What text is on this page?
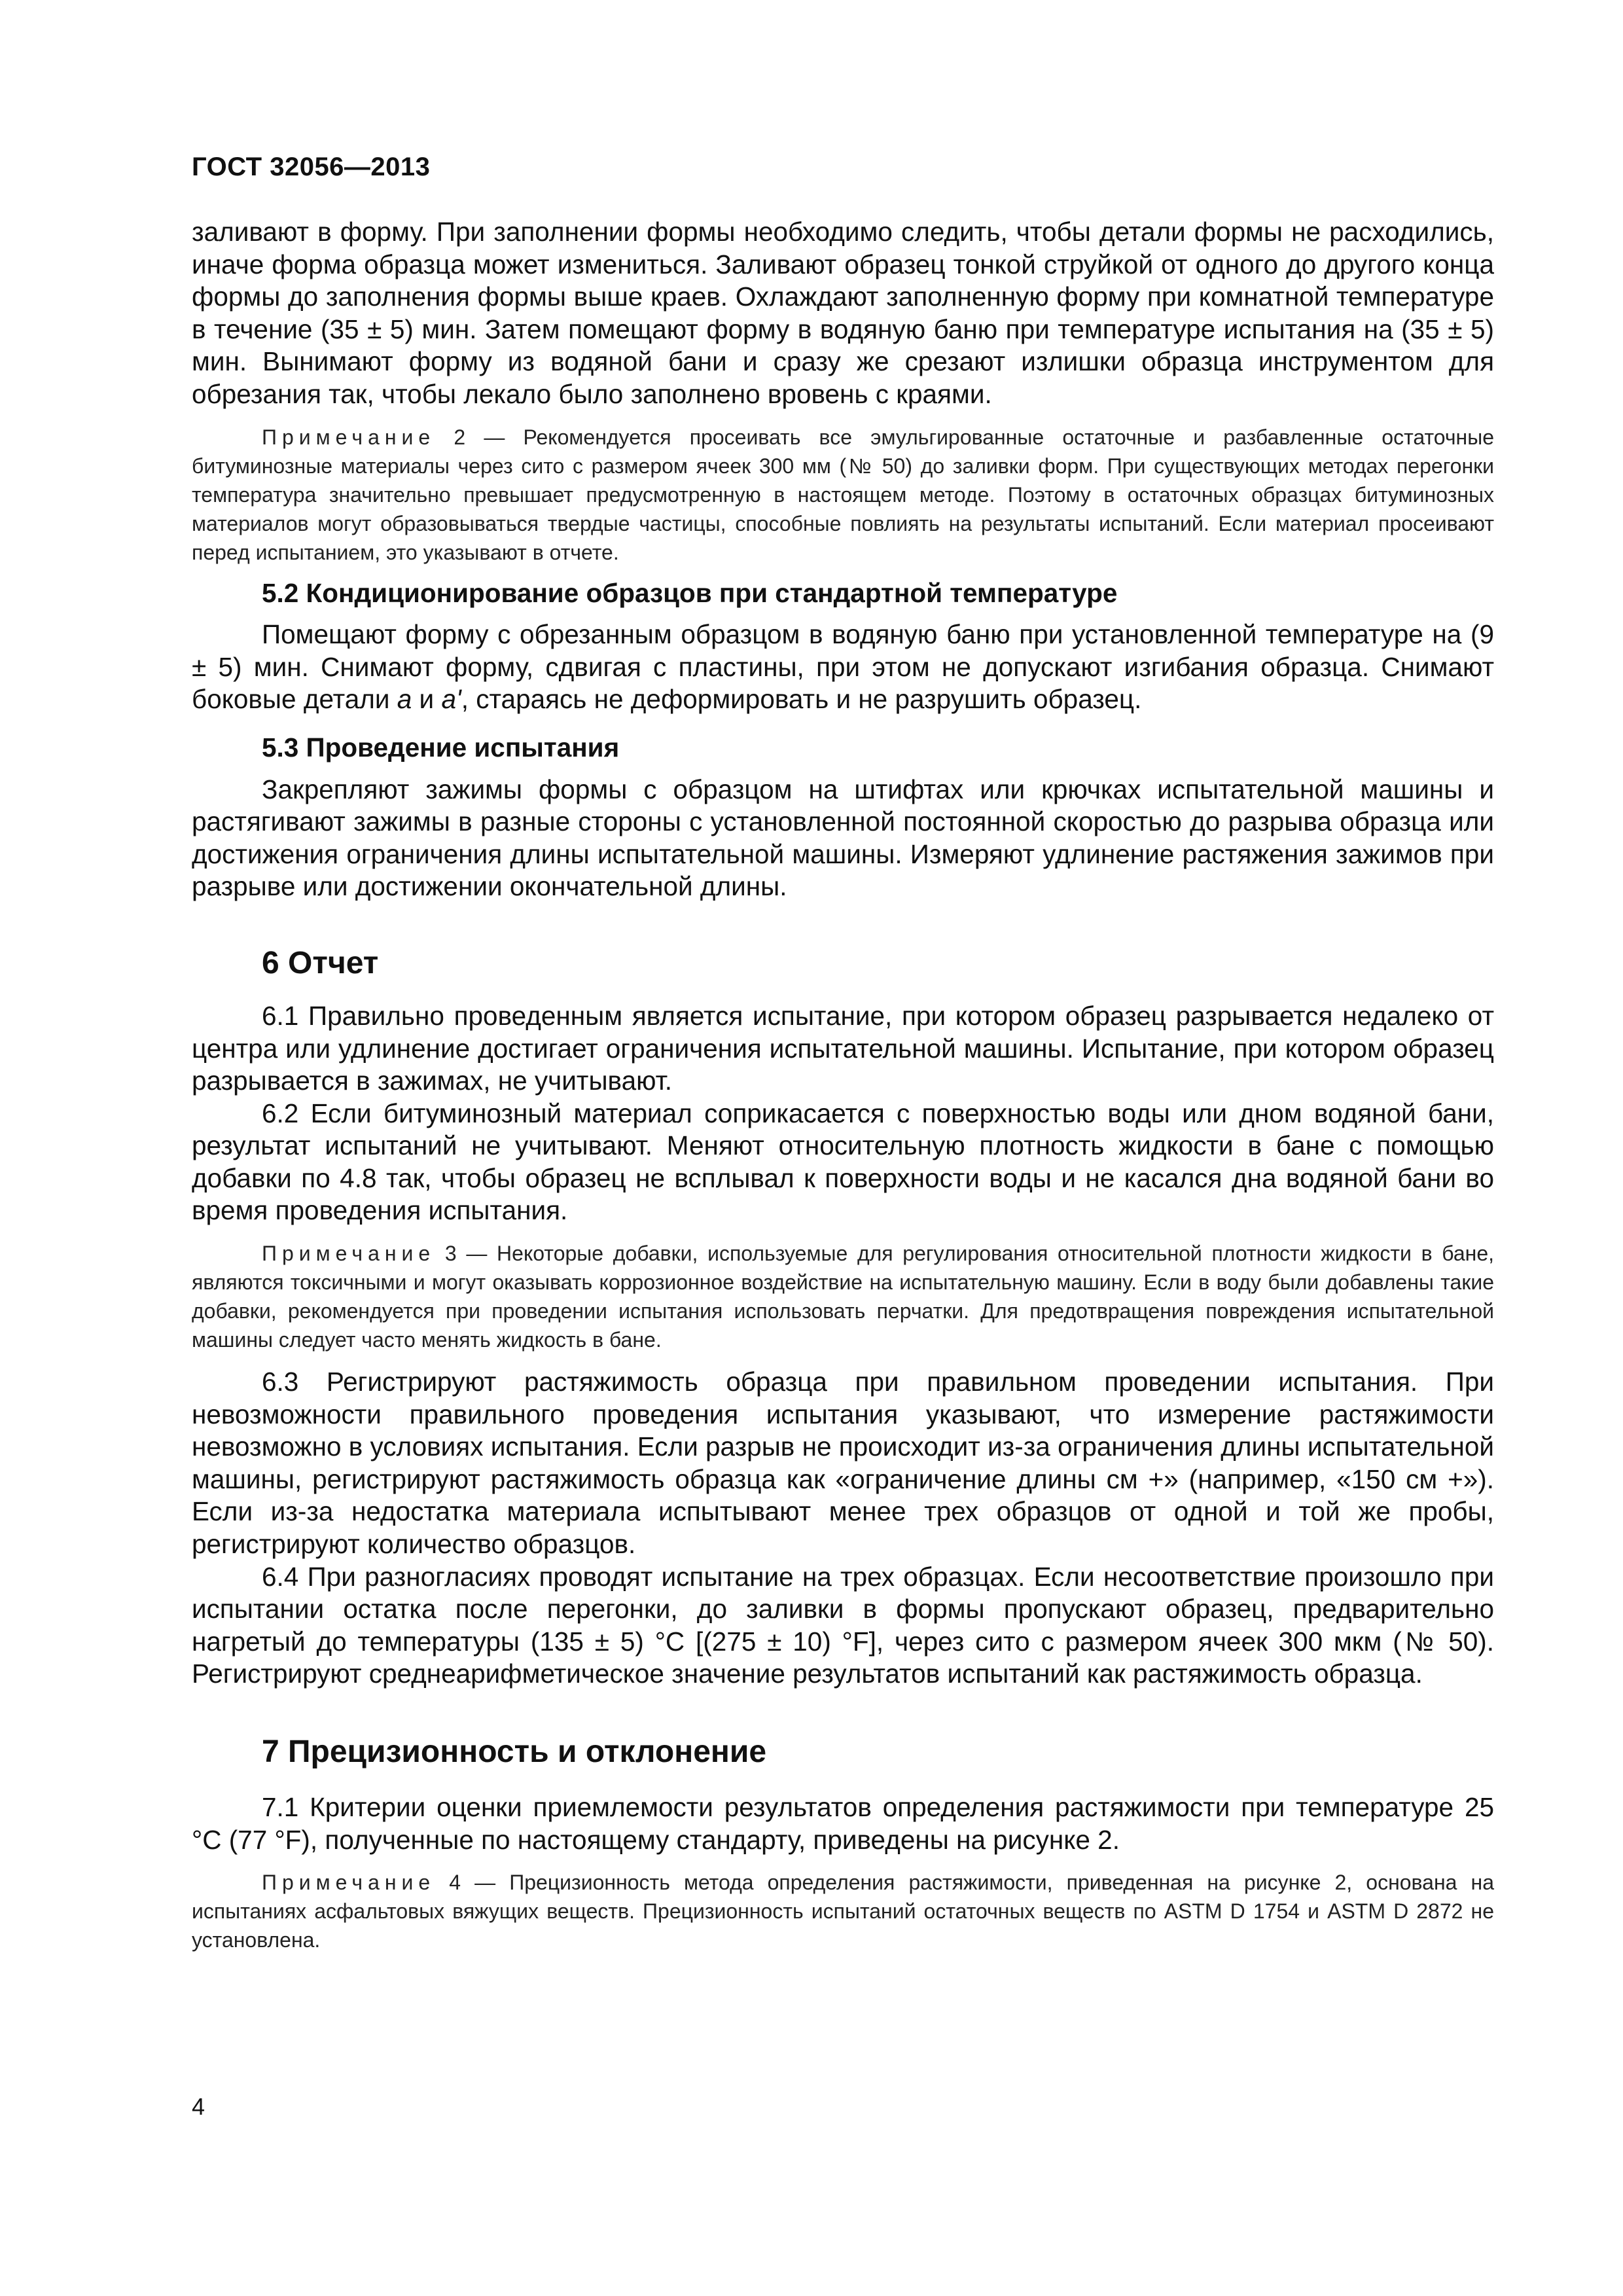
ГОСТ 32056—2013

заливают в форму. При заполнении формы необходимо следить, чтобы детали формы не расходились, иначе форма образца может измениться. Заливают образец тонкой струйкой от одного до другого конца формы до заполнения формы выше краев. Охлаждают заполненную форму при комнатной температуре в течение (35 ± 5) мин. Затем помещают форму в водяную баню при температуре испытания на (35 ± 5) мин. Вынимают форму из водяной бани и сразу же срезают излишки образца инструментом для обрезания так, чтобы лекало было заполнено вровень с краями.

Примечание 2 — Рекомендуется просеивать все эмульгированные остаточные и разбавленные остаточные битуминозные материалы через сито с размером ячеек 300 мм (№ 50) до заливки форм. При существующих методах перегонки температура значительно превышает предусмотренную в настоящем методе. Поэтому в остаточных образцах битуминозных материалов могут образовываться твердые частицы, способные повлиять на результаты испытаний. Если материал просеивают перед испытанием, это указывают в отчете.

5.2 Кондиционирование образцов при стандартной температуре

Помещают форму с обрезанным образцом в водяную баню при установленной температуре на (9 ± 5) мин. Снимают форму, сдвигая с пластины, при этом не допускают изгибания образца. Снимают боковые детали a и a', стараясь не деформировать и не разрушить образец.

5.3 Проведение испытания

Закрепляют зажимы формы с образцом на штифтах или крючках испытательной машины и растягивают зажимы в разные стороны с установленной постоянной скоростью до разрыва образца или достижения ограничения длины испытательной машины. Измеряют удлинение растяжения зажимов при разрыве или достижении окончательной длины.

6 Отчет

6.1 Правильно проведенным является испытание, при котором образец разрывается недалеко от центра или удлинение достигает ограничения испытательной машины. Испытание, при котором образец разрывается в зажимах, не учитывают.

6.2 Если битуминозный материал соприкасается с поверхностью воды или дном водяной бани, результат испытаний не учитывают. Меняют относительную плотность жидкости в бане с помощью добавки по 4.8 так, чтобы образец не всплывал к поверхности воды и не касался дна водяной бани во время проведения испытания.

Примечание 3 — Некоторые добавки, используемые для регулирования относительной плотности жидкости в бане, являются токсичными и могут оказывать коррозионное воздействие на испытательную машину. Если в воду были добавлены такие добавки, рекомендуется при проведении испытания использовать перчатки. Для предотвращения повреждения испытательной машины следует часто менять жидкость в бане.

6.3 Регистрируют растяжимость образца при правильном проведении испытания. При невозможности правильного проведения испытания указывают, что измерение растяжимости невозможно в условиях испытания. Если разрыв не происходит из-за ограничения длины испытательной машины, регистрируют растяжимость образца как «ограничение длины см +» (например, «150 см +»). Если из-за недостатка материала испытывают менее трех образцов от одной и той же пробы, регистрируют количество образцов.

6.4 При разногласиях проводят испытание на трех образцах. Если несоответствие произошло при испытании остатка после перегонки, до заливки в формы пропускают образец, предварительно нагретый до температуры (135 ± 5) °С [(275 ± 10) °F], через сито с размером ячеек 300 мкм (№ 50). Регистрируют среднеарифметическое значение результатов испытаний как растяжимость образца.

7 Прецизионность и отклонение

7.1 Критерии оценки приемлемости результатов определения растяжимости при температуре 25 °С (77 °F), полученные по настоящему стандарту, приведены на рисунке 2.

Примечание 4 — Прецизионность метода определения растяжимости, приведенная на рисунке 2, основана на испытаниях асфальтовых вяжущих веществ. Прецизионность испытаний остаточных веществ по ASTM D 1754 и ASTM D 2872 не установлена.

4
